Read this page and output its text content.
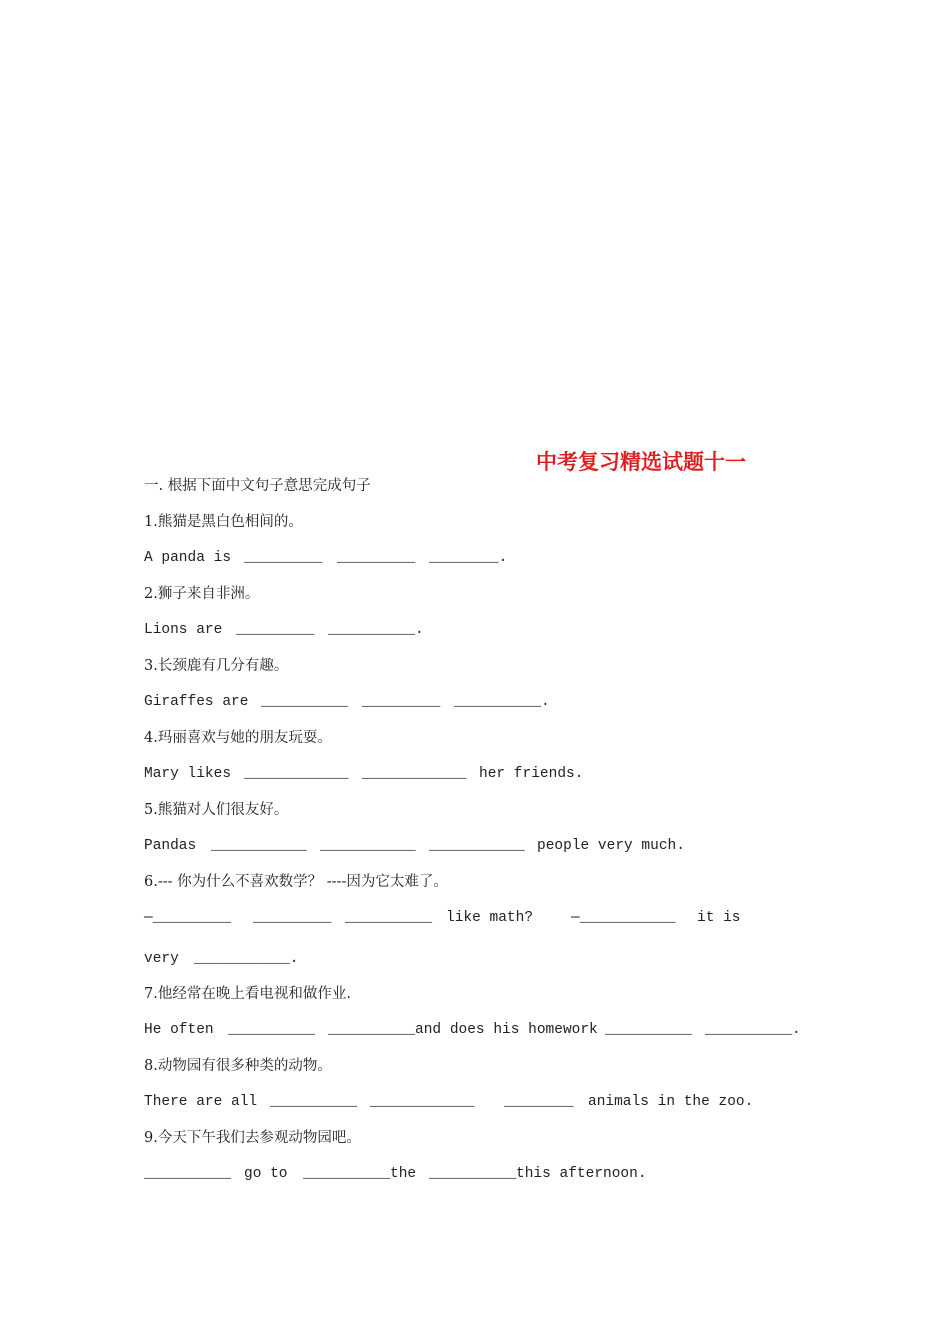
中考复习精选试题十一
一. 根据下面中文句子意思完成句子
1.熊猫是黑白色相间的。
A panda is _________ _________ ________.
2.狮子来自非洲。
Lions are _________ __________.
3.长颈鹿有几分有趣。
Giraffes are __________ _________ __________.
4.玛丽喜欢与她的朋友玩耍。
Mary likes ____________ ____________ her friends.
5.熊猫对人们很友好。
Pandas ___________ ___________ ___________ people very much.
6.--- 你为什么不喜欢数学？ ----因为它太难了。
—_________ _________ __________ like math?	—___________ it is
very ___________.
7.他经常在晚上看电视和做作业.
He often __________ __________and does his homework __________ __________.
8.动物园有很多种类的动物。
There are all __________ ____________ ________ animals in the zoo.
9.今天下午我们去参观动物园吧。
__________ go to __________the __________this afternoon.
